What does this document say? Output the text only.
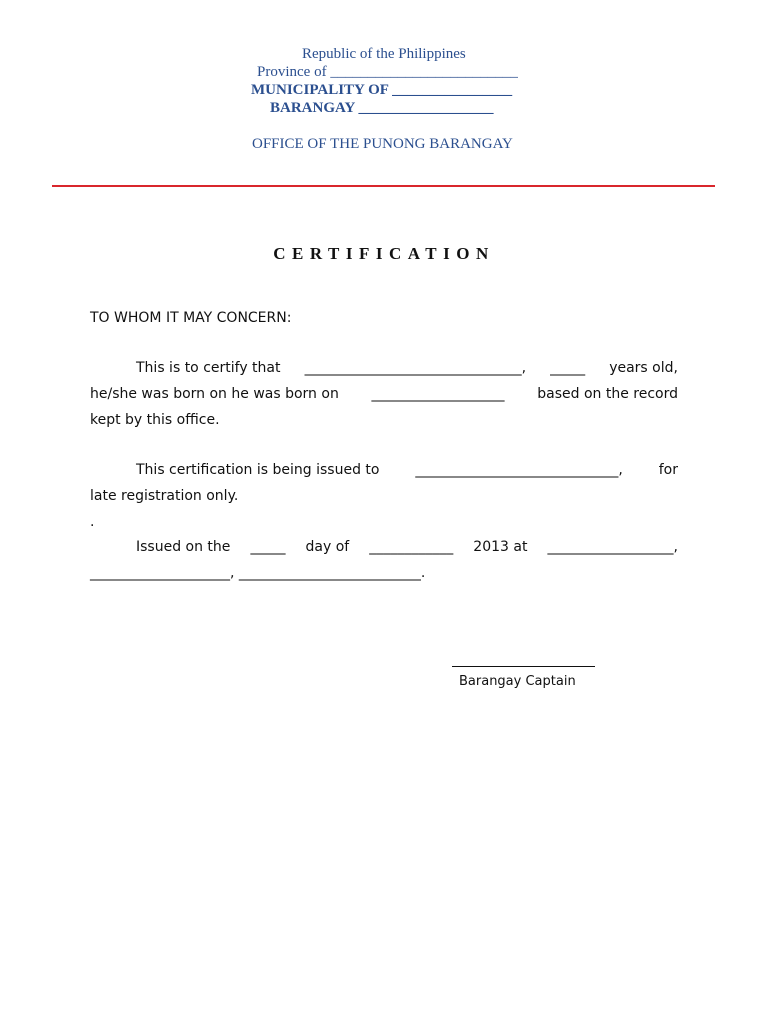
Republic of the Philippines
Province of _________________________
MUNICIPALITY OF ________________
BARANGAY __________________
OFFICE OF THE PUNONG BARANGAY
CERTIFICATION
TO WHOM IT MAY CONCERN:
This is to certify that _______________________________, _____ years old,
he/she was born on he was born on ___________________ based on the record
kept by this office.
This certification is being issued to	_____________________________,	for
late registration only.
.
Issued on the _____ day of ____________ 2013 at __________________,
____________________, __________________________.
Barangay Captain
